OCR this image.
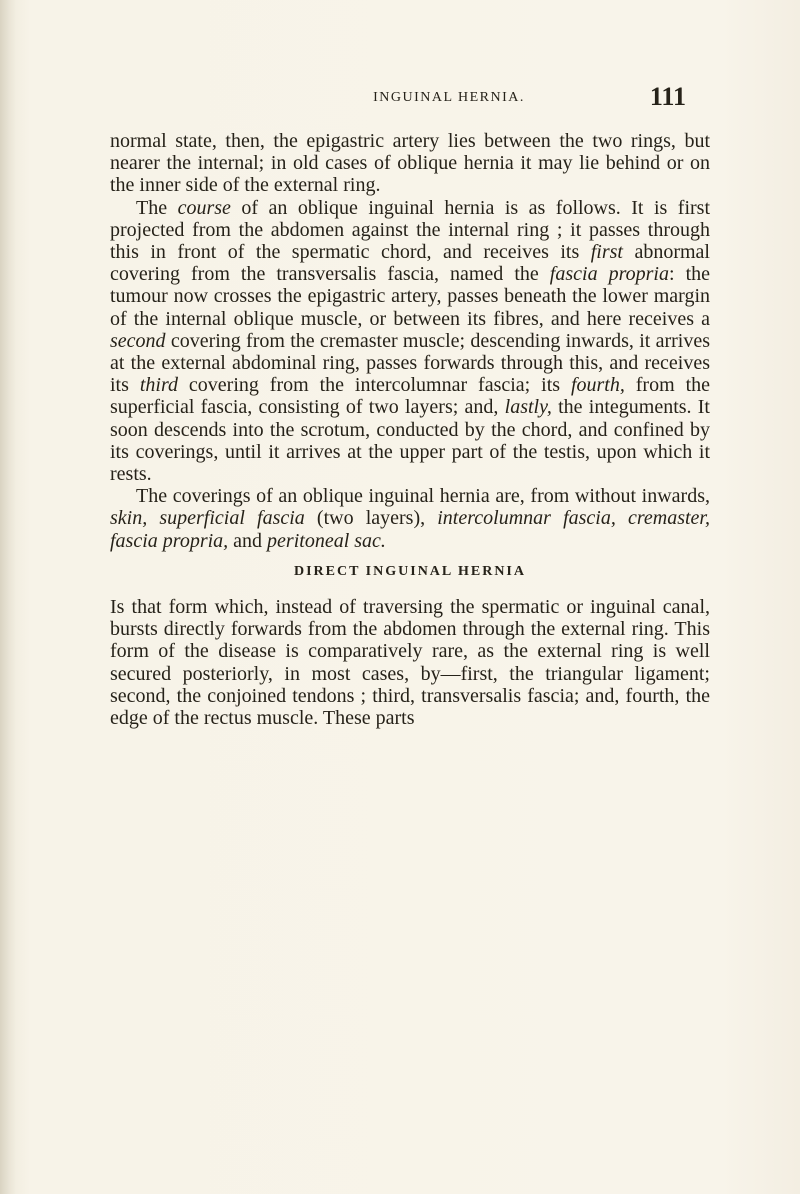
INGUINAL HERNIA.	111

normal state, then, the epigastric artery lies between the two rings, but nearer the internal; in old cases of oblique hernia it may lie behind or on the inner side of the external ring.

The course of an oblique inguinal hernia is as follows. It is first projected from the abdomen against the internal ring ; it passes through this in front of the spermatic chord, and receives its first abnormal covering from the transversalis fascia, named the fascia propria: the tumour now crosses the epigastric artery, passes beneath the lower margin of the internal oblique muscle, or between its fibres, and here receives a second covering from the cremaster muscle; descending inwards, it arrives at the external abdominal ring, passes forwards through this, and receives its third covering from the intercolumnar fascia; its fourth, from the superficial fascia, consisting of two layers; and, lastly, the integuments. It soon descends into the scrotum, conducted by the chord, and confined by its coverings, until it arrives at the upper part of the testis, upon which it rests.

The coverings of an oblique inguinal hernia are, from without inwards, skin, superficial fascia (two layers), intercolumnar fascia, cremaster, fascia propria, and peritoneal sac.

DIRECT INGUINAL HERNIA

Is that form which, instead of traversing the spermatic or inguinal canal, bursts directly forwards from the abdomen through the external ring. This form of the disease is comparatively rare, as the external ring is well secured posteriorly, in most cases, by—first, the triangular ligament; second, the conjoined tendons ; third, transversalis fascia; and, fourth, the edge of the rectus muscle. These parts
